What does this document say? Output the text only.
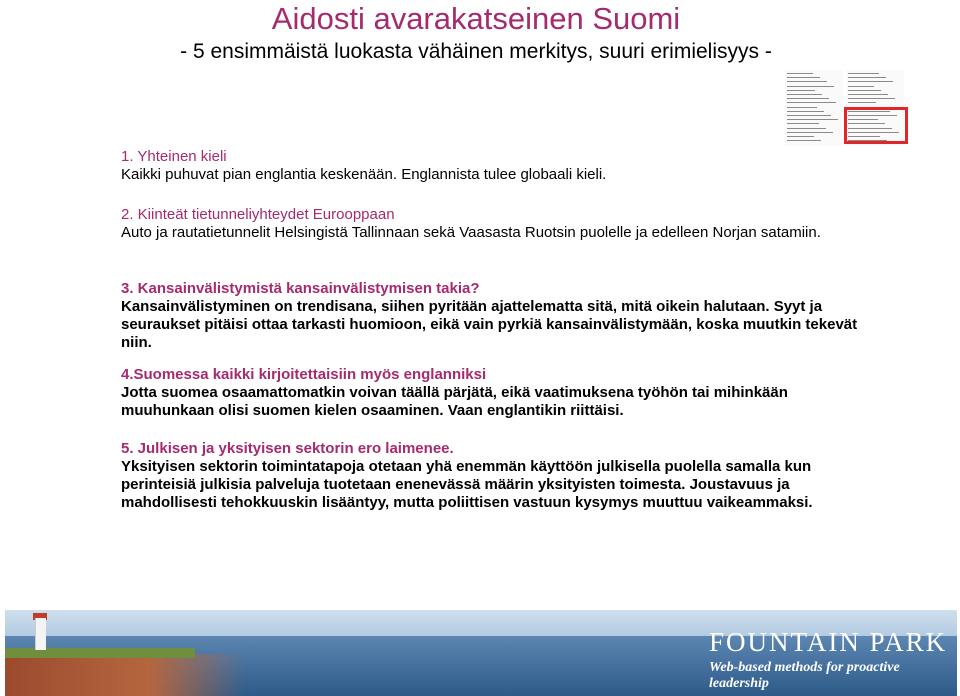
Aidosti avarakatseinen Suomi
- 5 ensimmäistä luokasta vähäinen merkitys, suuri erimielisyys -
1. Yhteinen kieli

Kaikki puhuvat pian englantia keskenään. Englannista tulee globaali kieli.

2. Kiinteät tietunneliyhteydet Eurooppaan

Auto ja rautatietunnelit Helsingistä Tallinnaan sekä Vaasasta Ruotsin puolelle ja edelleen Norjan satamiin.

3. Kansainvälistymistä kansainvälistymisen takia?

Kansainvälistyminen on trendisana, siihen pyritään ajattelematta sitä, mitä oikein halutaan. Syyt ja seuraukset pitäisi ottaa tarkasti huomioon, eikä vain pyrkiä kansainvälistymään, koska muutkin tekevät niin.

4.Suomessa kaikki kirjoitettaisiin myös englanniksi

Jotta suomea osaamattomatkin voivan täällä pärjätä, eikä vaatimuksena työhön tai mihinkään muuhunkaan olisi suomen kielen osaaminen. Vaan englantikin riittäisi.

5. Julkisen ja yksityisen sektorin ero laimenee.

Yksityisen sektorin toimintatapoja otetaan yhä enemmän käyttöön julkisella puolella samalla kun perinteisiä julkisia palveluja tuotetaan enenevässä määrin yksityisten toimesta. Joustavuus ja mahdollisesti tehokkuuskin lisääntyy, mutta poliittisen vastuun kysymys muuttuu vaikeammaksi.

FOUNTAIN PARK
Web-based methods for proactive leadership
